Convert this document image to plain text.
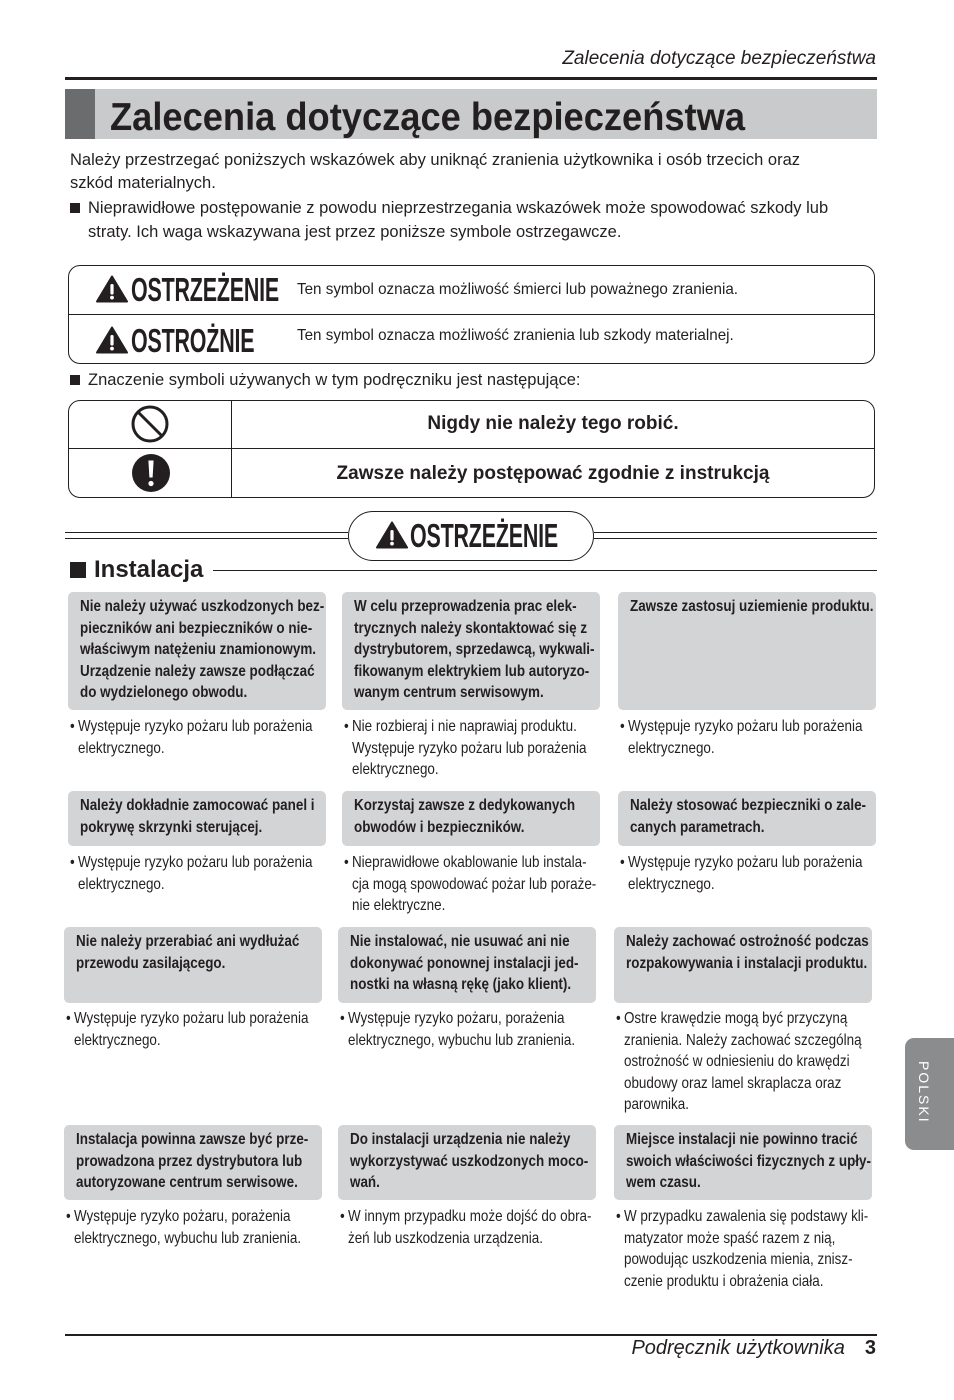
Zalecenia dotyczące bezpieczeństwa
Zalecenia dotyczące bezpieczeństwa
Należy przestrzegać poniższych wskazówek aby uniknąć zranienia użytkownika i osób trzecich oraz
szkód materialnych.
Nieprawidłowe postępowanie z powodu nieprzestrzegania wskazówek może spowodować szkody lub
straty. Ich waga wskazywana jest przez poniższe symbole ostrzegawcze.
OSTRZEŻENIE Ten symbol oznacza możliwość śmierci lub poważnego zranienia.
OSTROŻNIE	Ten symbol oznacza możliwość zranienia lub szkody materialnej.
Znaczenie symboli używanych w tym podręczniku jest następujące:
Nigdy nie należy tego robić.
Zawsze należy postępować zgodnie z instrukcją
OSTRZEŻENIE
Instalacja
Nie należy używać uszkodzonych bez-
pieczników ani bezpieczników o nie-
właściwym natężeniu znamionowym.
Urządzenie należy zawsze podłączać
do wydzielonego obwodu.
• Występuje ryzyko pożaru lub porażenia
elektrycznego.
W celu przeprowadzenia prac elek-
trycznych należy skontaktować się z
dystrybutorem, sprzedawcą, wykwali-
fikowanym elektrykiem lub autoryzo-
wanym centrum serwisowym.
• Nie rozbieraj i nie naprawiaj produktu.
Występuje ryzyko pożaru lub porażenia
elektrycznego.
Zawsze zastosuj uziemienie produktu.
• Występuje ryzyko pożaru lub porażenia
elektrycznego.
Należy dokładnie zamocować panel i
pokrywę skrzynki sterującej.
• Występuje ryzyko pożaru lub porażenia
elektrycznego.
Korzystaj zawsze z dedykowanych
obwodów i bezpieczników.
• Nieprawidłowe okablowanie lub instala-
cja mogą spowodować pożar lub poraże-
nie elektryczne.
Należy stosować bezpieczniki o zale-
canych parametrach.
• Występuje ryzyko pożaru lub porażenia
elektrycznego.
Nie należy przerabiać ani wydłużać
przewodu zasilającego.
• Występuje ryzyko pożaru lub porażenia
elektrycznego.
Nie instalować, nie usuwać ani nie
dokonywać ponownej instalacji jed-
nostki na własną rękę (jako klient).
• Występuje ryzyko pożaru, porażenia
elektrycznego, wybuchu lub zranienia.
Należy zachować ostrożność podczas
rozpakowywania i instalacji produktu.
• Ostre krawędzie mogą być przyczyną
zranienia. Należy zachować szczególną
ostrożność w odniesieniu do krawędzi
obudowy oraz lamel skraplacza oraz
parownika.
Instalacja powinna zawsze być prze-
prowadzona przez dystrybutora lub
autoryzowane centrum serwisowe.
• Występuje ryzyko pożaru, porażenia
elektrycznego, wybuchu lub zranienia.
Do instalacji urządzenia nie należy
wykorzystywać uszkodzonych moco-
wań.
• W innym przypadku może dojść do obra-
żeń lub uszkodzenia urządzenia.
Miejsce instalacji nie powinno tracić
swoich właściwości fizycznych z upły-
wem czasu.
• W przypadku zawalenia się podstawy kli-
matyzator może spaść razem z nią,
powodując uszkodzenia mienia, znisz-
czenie produktu i obrażenia ciała.
POLSKI
Podręcznik użytkownika 3
